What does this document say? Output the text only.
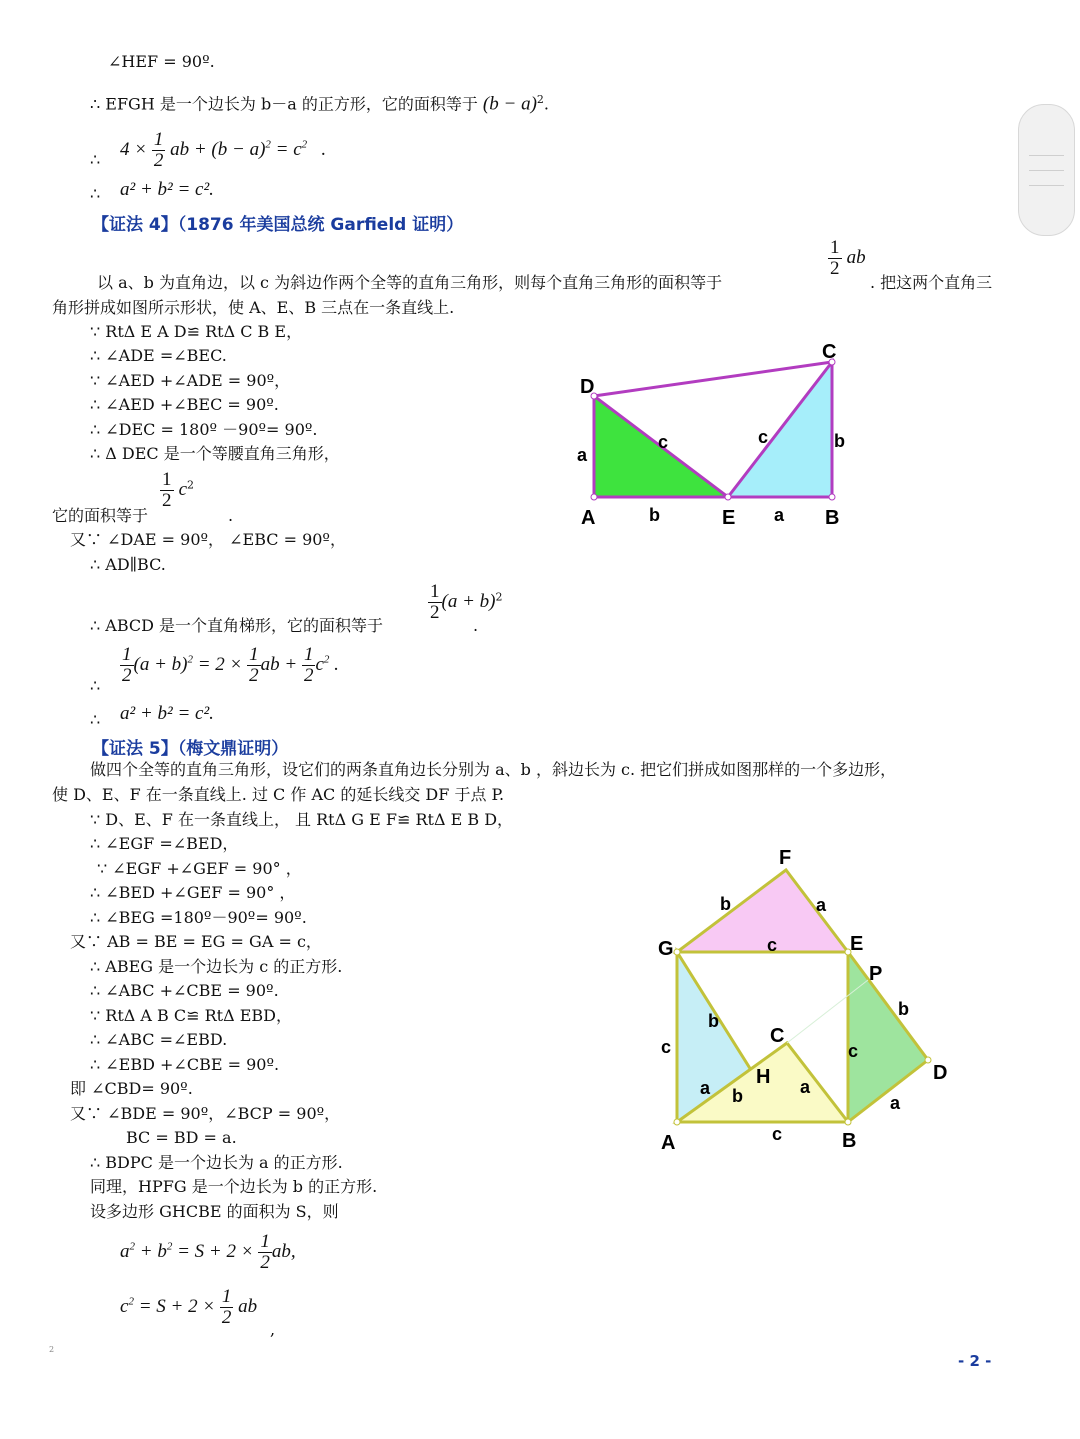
∠HEF = 90º.
∴ EFGH 是一个边长为 b－a 的正方形，它的面积等于 $(b - a)^2$.
∴ $4 \times \frac{1}{2}$ ab + $(b - a)^2 = c^2$   .
∴ a² + b² = c².
【证法 4】（1876 年美国总统 Garfield 证明）
以 a、b 为直角边，以 c 为斜边作两个全等的直角三角形，则每个直角三角形的面积等于
$\frac{1}{2}$ ab
. 把这两个直角三
角形拼成如图所示形状，使 A、E、B 三点在一条直线上.
∵ RtΔ E A D≌ RtΔ C B E，
∴ ∠ADE =∠BEC.
∵ ∠AED +∠ADE = 90º，
∴ ∠AED +∠BEC = 90º.
∴ ∠DEC = 180º －90º= 90º.
∴ Δ DEC 是一个等腰直角三角形，
$\frac{1}{2} c^2$
它的面积等于	.
又∵ ∠DAE = 90º， ∠EBC = 90º，
∴ AD∥BC.
$\frac{1}{2} (a + b)^2$
∴ ABCD 是一个直角梯形，它的面积等于	.
∴ $\frac{1}{2} (a + b)^2 = 2 \times \frac{1}{2}$ ab + $\frac{1}{2} c^2$ .
∴ a² + b² = c².
C
D
A	E	B
a
b
c	c	b
a
【证法 5】（梅文鼎证明）
做四个全等的直角三角形，设它们的两条直角边长分别为 a、b ，斜边长为 c. 把它们拼成如图那样的一个多边形，
使 D、E、F 在一条直线上. 过 C 作 AC 的延长线交 DF 于点 P.
∵ D、E、F 在一条直线上， 且 RtΔ G E F≌ RtΔ E B D，
∴ ∠EGF =∠BED，
∵ ∠EGF +∠GEF = 90° ，
∴ ∠BED +∠GEF = 90° ，
∴ ∠BEG =180º－90º= 90º.
又∵ AB = BE = EG = GA = c，
∴ ABEG 是一个边长为 c 的正方形.
∴ ∠ABC +∠CBE = 90º.
∵ RtΔ A B C≌ RtΔ EBD，
∴ ∠ABC =∠EBD.
∴ ∠EBD +∠CBE = 90º.
即 ∠CBD= 90º.
又∵ ∠BDE = 90º，∠BCP = 90º，
BC = BD = a.
∴ BDPC 是一个边长为 a 的正方形.
同理，HPFG 是一个边长为 b 的正方形.
设多边形 GHCBE 的面积为 S，则
$a^2 + b^2 = S + 2 \times \frac{1}{2}$ ab,
$c^2 = S + 2 \times \frac{1}{2}$ ab
,
F
G	E
P
C
H	D
A	B
b	a
c
b
b
c	c
a b	a
a
c
2
- 2 -
